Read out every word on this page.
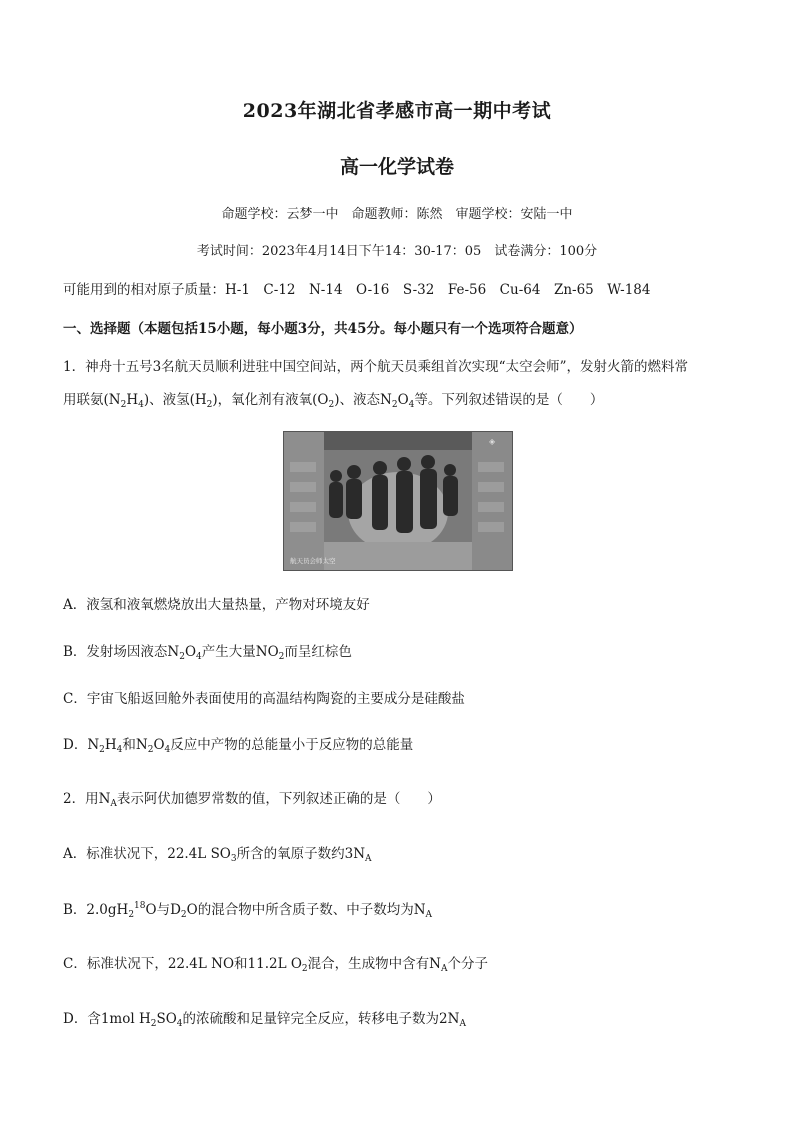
2023年湖北省孝感市高一期中考试
高一化学试卷
命题学校：云梦一中　命题教师：陈然　审题学校：安陆一中
考试时间：2023年4月14日下午14：30-17：05　试卷满分：100分
可能用到的相对原子质量：H-1　C-12　N-14　O-16　S-32　Fe-56　Cu-64　Zn-65　W-184
一、选择题（本题包括15小题，每小题3分，共45分。每小题只有一个选项符合题意）
1．神舟十五号3名航天员顺利进驻中国空间站，两个航天员乘组首次实现“太空会师”，发射火箭的燃料常
用联氨$(N_2H_4)$、液氢$(H_2)$，氧化剂有液氧$(O_2)$、液态$N_2O_4$等。下列叙述错误的是（　　）
◈
航天员会师太空
A．液氢和液氧燃烧放出大量热量，产物对环境友好
B．发射场因液态$N_2O_4$产生大量$NO_2$而呈红棕色
C．宇宙飞船返回舱外表面使用的高温结构陶瓷的主要成分是硅酸盐
D．$N_2H_4$和$N_2O_4$反应中产物的总能量小于反应物的总能量
2．用$N_A$表示阿伏加德罗常数的值，下列叙述正确的是（　　）
A．标准状况下，22.4L $SO_3$所含的氧原子数约$3N_A$
B．$2.0gH_2^{18}O$与$D_2O$的混合物中所含质子数、中子数均为$N_A$
C．标准状况下，22.4L NO和11.2L $O_2$混合，生成物中含有$N_A$个分子
D．含1mol $H_2SO_4$的浓硫酸和足量锌完全反应，转移电子数为$2N_A$
